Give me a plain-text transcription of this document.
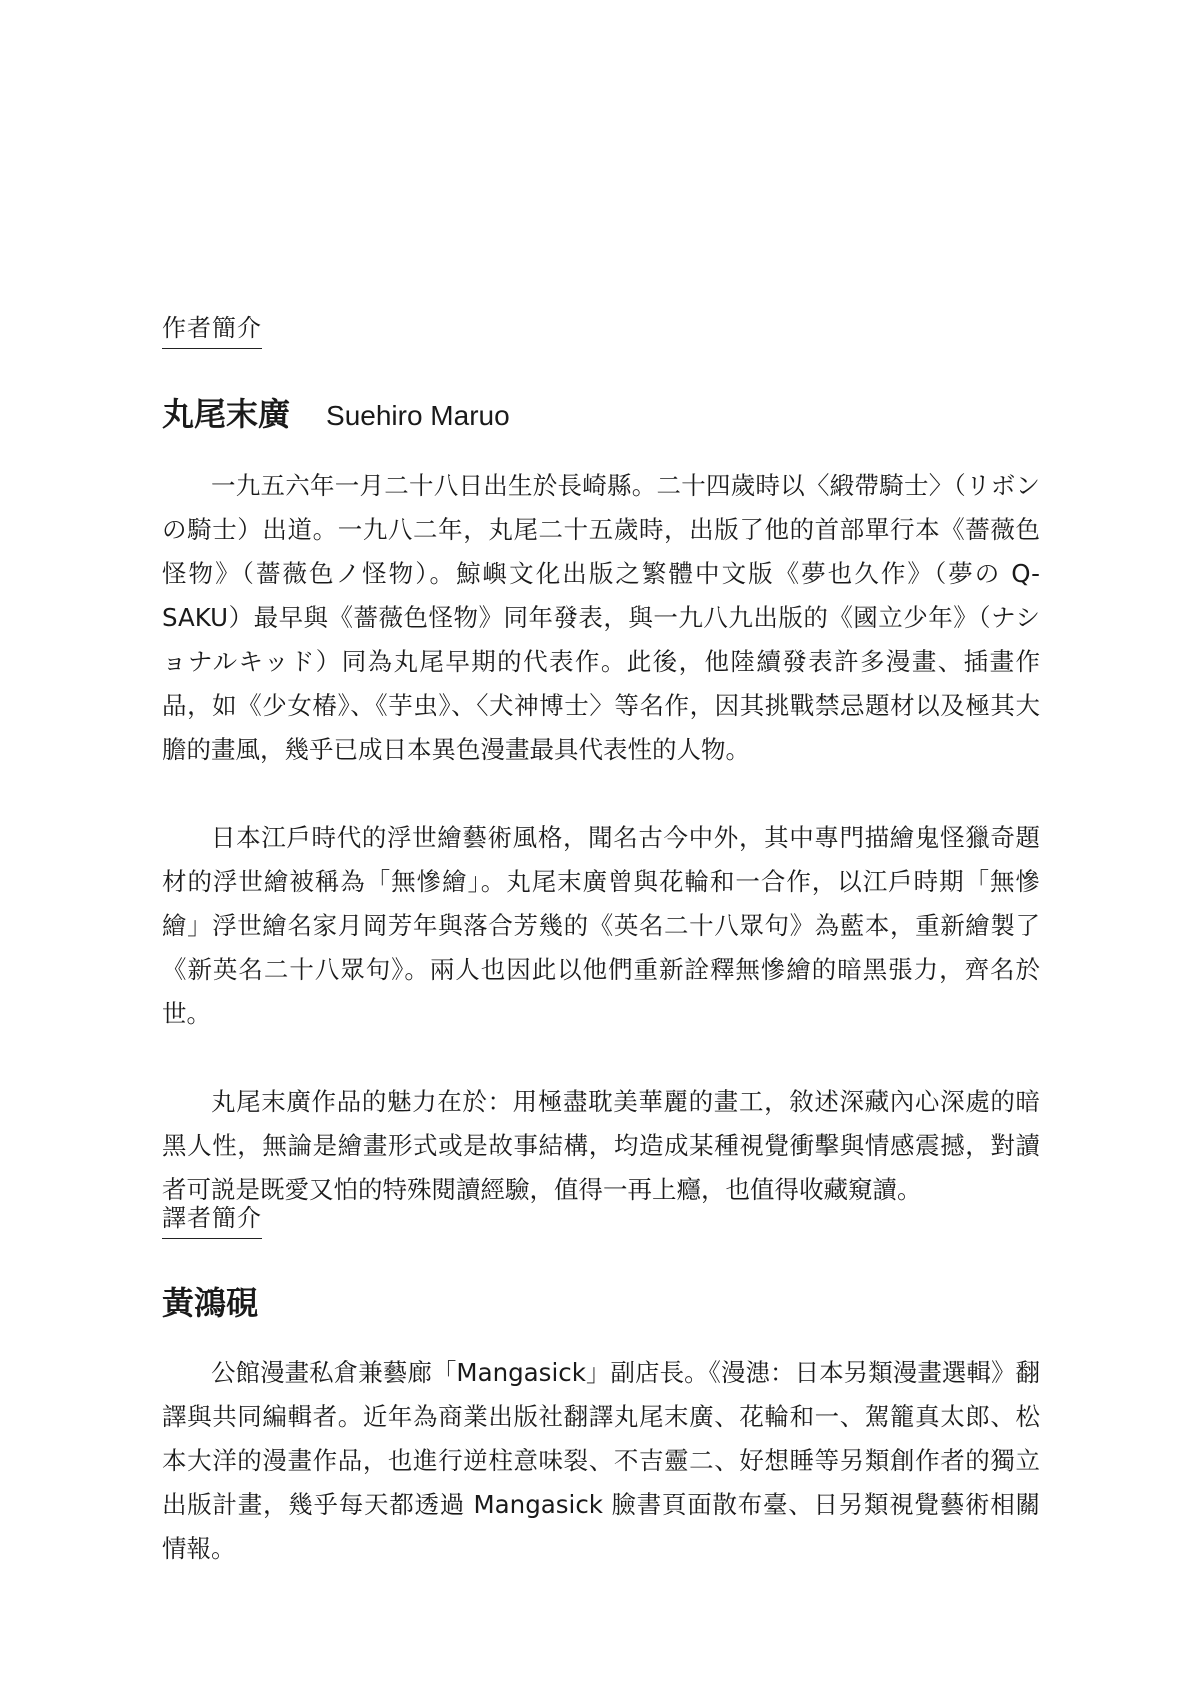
作者簡介
丸尾末廣 Suehiro Maruo

一九五六年一月二十八日出生於長崎縣。二十四歲時以〈緞帶騎士〉（リボンの騎士）出道。一九八二年，丸尾二十五歲時，出版了他的首部單行本《薔薇色怪物》（薔薇色ノ怪物）。鯨嶼文化出版之繁體中文版《夢也久作》（夢の Q-SAKU）最早與《薔薇色怪物》同年發表，與一九八九出版的《國立少年》（ナショナルキッド）同為丸尾早期的代表作。此後，他陸續發表許多漫畫、插畫作品，如《少女椿》、《芋虫》、〈犬神博士〉等名作，因其挑戰禁忌題材以及極其大膽的畫風，幾乎已成日本異色漫畫最具代表性的人物。

日本江戶時代的浮世繪藝術風格，聞名古今中外，其中專門描繪鬼怪獵奇題材的浮世繪被稱為「無慘繪」。丸尾末廣曾與花輪和一合作，以江戶時期「無慘繪」浮世繪名家月岡芳年與落合芳幾的《英名二十八眾句》為藍本，重新繪製了《新英名二十八眾句》。兩人也因此以他們重新詮釋無慘繪的暗黑張力，齊名於世。

丸尾末廣作品的魅力在於：用極盡耽美華麗的畫工，敘述深藏內心深處的暗黑人性，無論是繪畫形式或是故事結構，均造成某種視覺衝擊與情感震撼，對讀者可説是既愛又怕的特殊閱讀經驗，值得一再上癮，也值得收藏窺讀。

譯者簡介
黃鴻硯

公館漫畫私倉兼藝廊「Mangasick」副店長。《漫漶：日本另類漫畫選輯》翻譯與共同編輯者。近年為商業出版社翻譯丸尾末廣、花輪和一、駕籠真太郎、松本大洋的漫畫作品，也進行逆柱意味裂、不吉靈二、好想睡等另類創作者的獨立出版計畫，幾乎每天都透過 Mangasick 臉書頁面散布臺、日另類視覺藝術相關情報。
